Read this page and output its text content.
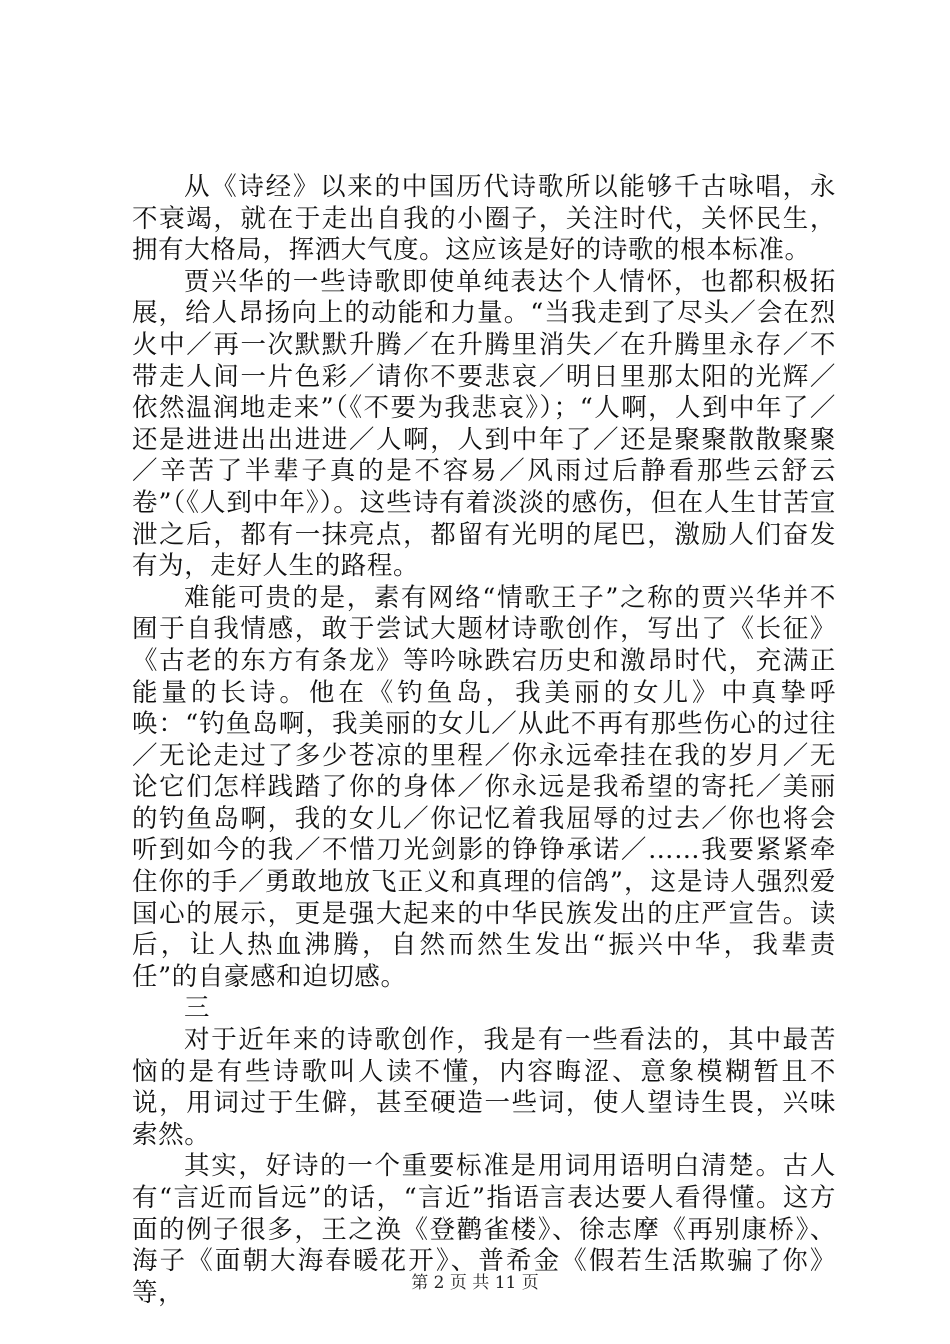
从《诗经》以来的中国历代诗歌所以能够千古咏唱，永不衰竭，就在于走出自我的小圈子，关注时代，关怀民生，拥有大格局，挥洒大气度。这应该是好的诗歌的根本标准。

贾兴华的一些诗歌即使单纯表达个人情怀，也都积极拓展，给人昂扬向上的动能和力量。“当我走到了尽头／会在烈火中／再一次默默升腾／在升腾里消失／在升腾里永存／不带走人间一片色彩／请你不要悲哀／明日里那太阳的光辉／依然温润地走来”（《不要为我悲哀》）；“人啊，人到中年了／还是进进出出进进／人啊，人到中年了／还是聚聚散散聚聚／辛苦了半辈子真的是不容易／风雨过后静看那些云舒云卷”（《人到中年》）。这些诗有着淡淡的感伤，但在人生甘苦宣泄之后，都有一抹亮点，都留有光明的尾巴，激励人们奋发有为，走好人生的路程。

难能可贵的是，素有网络“情歌王子”之称的贾兴华并不囿于自我情感，敢于尝试大题材诗歌创作，写出了《长征》《古老的东方有条龙》等吟咏跌宕历史和激昂时代，充满正能量的长诗。他在《钓鱼岛，我美丽的女儿》中真挚呼唤：“钓鱼岛啊，我美丽的女儿／从此不再有那些伤心的过往／无论走过了多少苍凉的里程／你永远牵挂在我的岁月／无论它们怎样践踏了你的身体／你永远是我希望的寄托／美丽的钓鱼岛啊，我的女儿／你记忆着我屈辱的过去／你也将会听到如今的我／不惜刀光剑影的铮铮承诺／……我要紧紧牵住你的手／勇敢地放飞正义和真理的信鸽”，这是诗人强烈爱国心的展示，更是强大起来的中华民族发出的庄严宣告。读后，让人热血沸腾，自然而然生发出“振兴中华，我辈责任”的自豪感和迫切感。

三

对于近年来的诗歌创作，我是有一些看法的，其中最苦恼的是有些诗歌叫人读不懂，内容晦涩、意象模糊暂且不说，用词过于生僻，甚至硬造一些词，使人望诗生畏，兴味索然。

其实，好诗的一个重要标准是用词用语明白清楚。古人有“言近而旨远”的话，“言近”指语言表达要人看得懂。这方面的例子很多，王之涣《登鹳雀楼》、徐志摩《再别康桥》、海子《面朝大海春暖花开》、普希金《假若生活欺骗了你》等，	第 2 页 共 11 页
